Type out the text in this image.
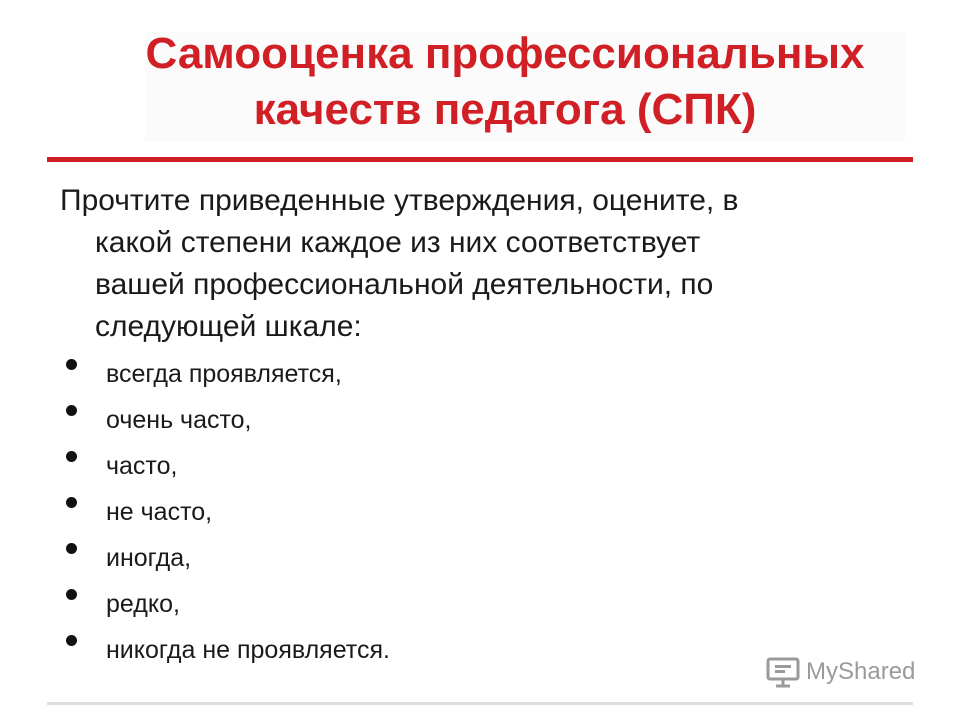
Самооценка профессиональных
качеств педагога (СПК)
Прочтите приведенные утверждения, оцените, в
какой степени каждое из них соответствует
вашей профессиональной деятельности, по
следующей шкале:
всегда проявляется,
очень часто,
часто,
не часто,
иногда,
редко,
никогда не проявляется.
MyShared
